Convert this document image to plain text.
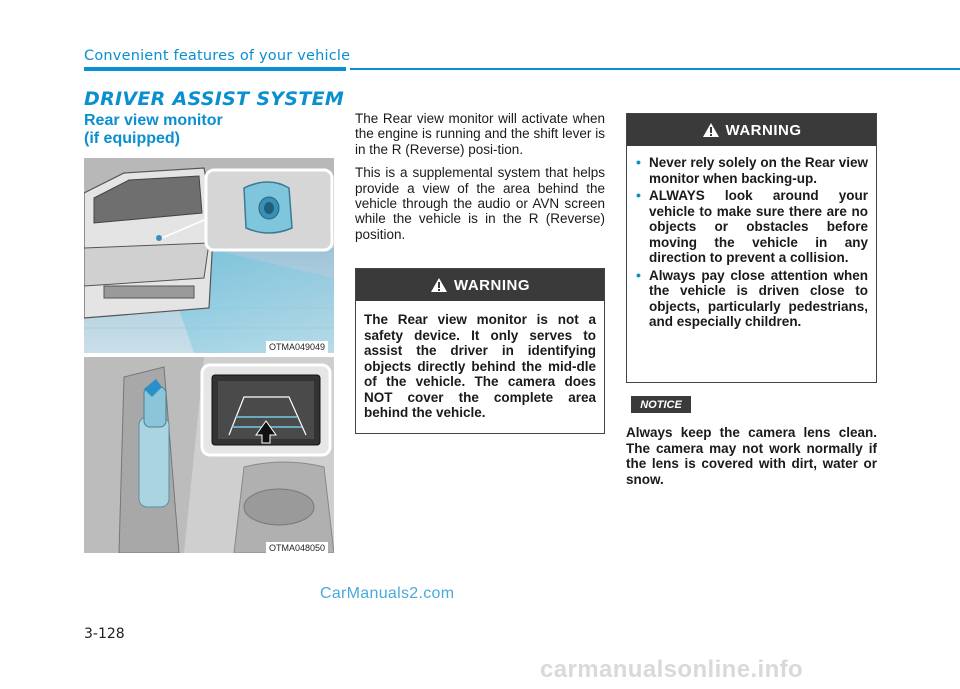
Convenient features of your vehicle
DRIVER ASSIST SYSTEM
Rear view monitor
(if equipped)
OTMA049049
OTMA048050

The Rear view monitor will activate when the engine is running and the shift lever is in the R (Reverse) posi-tion.

This is a supplemental system that helps provide a view of the area behind the vehicle through the audio or AVN screen while the vehicle is in the R (Reverse) position.

WARNING
The Rear view monitor is not a safety device. It only serves to assist the driver in identifying objects directly behind the mid-dle of the vehicle. The camera does NOT cover the complete area behind the vehicle.
WARNING
• Never rely solely on the Rear view monitor when backing-up.
• ALWAYS look around your vehicle to make sure there are no objects or obstacles before moving the vehicle in any direction to prevent a collision.
• Always pay close attention when the vehicle is driven close to objects, particularly pedestrians, and especially children.
NOTICE
Always keep the camera lens clean. The camera may not work normally if the lens is covered with dirt, water or snow.
CarManuals2.com
3-128
carmanualsonline.info
